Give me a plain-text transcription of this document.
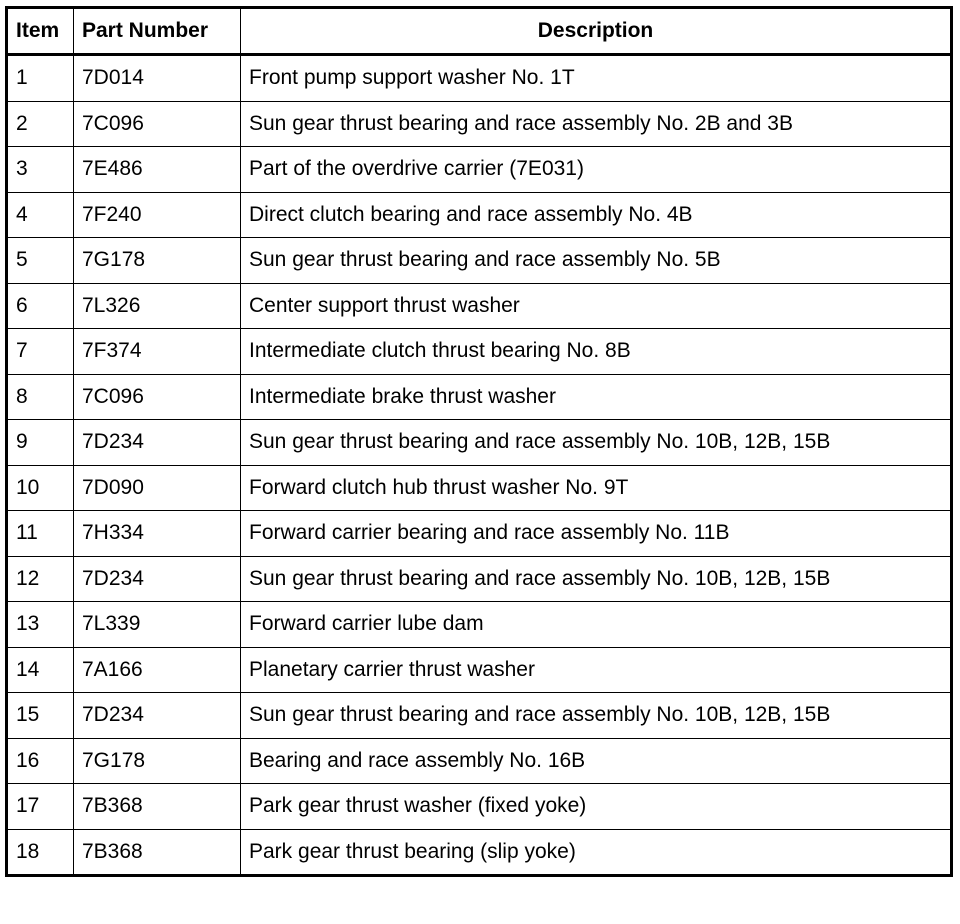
Item	Part Number	Description
1	7D014	Front pump support washer No. 1T
2	7C096	Sun gear thrust bearing and race assembly No. 2B and 3B
3	7E486	Part of the overdrive carrier (7E031)
4	7F240	Direct clutch bearing and race assembly No. 4B
5	7G178	Sun gear thrust bearing and race assembly No. 5B
6	7L326	Center support thrust washer
7	7F374	Intermediate clutch thrust bearing No. 8B
8	7C096	Intermediate brake thrust washer
9	7D234	Sun gear thrust bearing and race assembly No. 10B, 12B, 15B
10	7D090	Forward clutch hub thrust washer No. 9T
11	7H334	Forward carrier bearing and race assembly No. 11B
12	7D234	Sun gear thrust bearing and race assembly No. 10B, 12B, 15B
13	7L339	Forward carrier lube dam
14	7A166	Planetary carrier thrust washer
15	7D234	Sun gear thrust bearing and race assembly No. 10B, 12B, 15B
16	7G178	Bearing and race assembly No. 16B
17	7B368	Park gear thrust washer (fixed yoke)
18	7B368	Park gear thrust bearing (slip yoke)
